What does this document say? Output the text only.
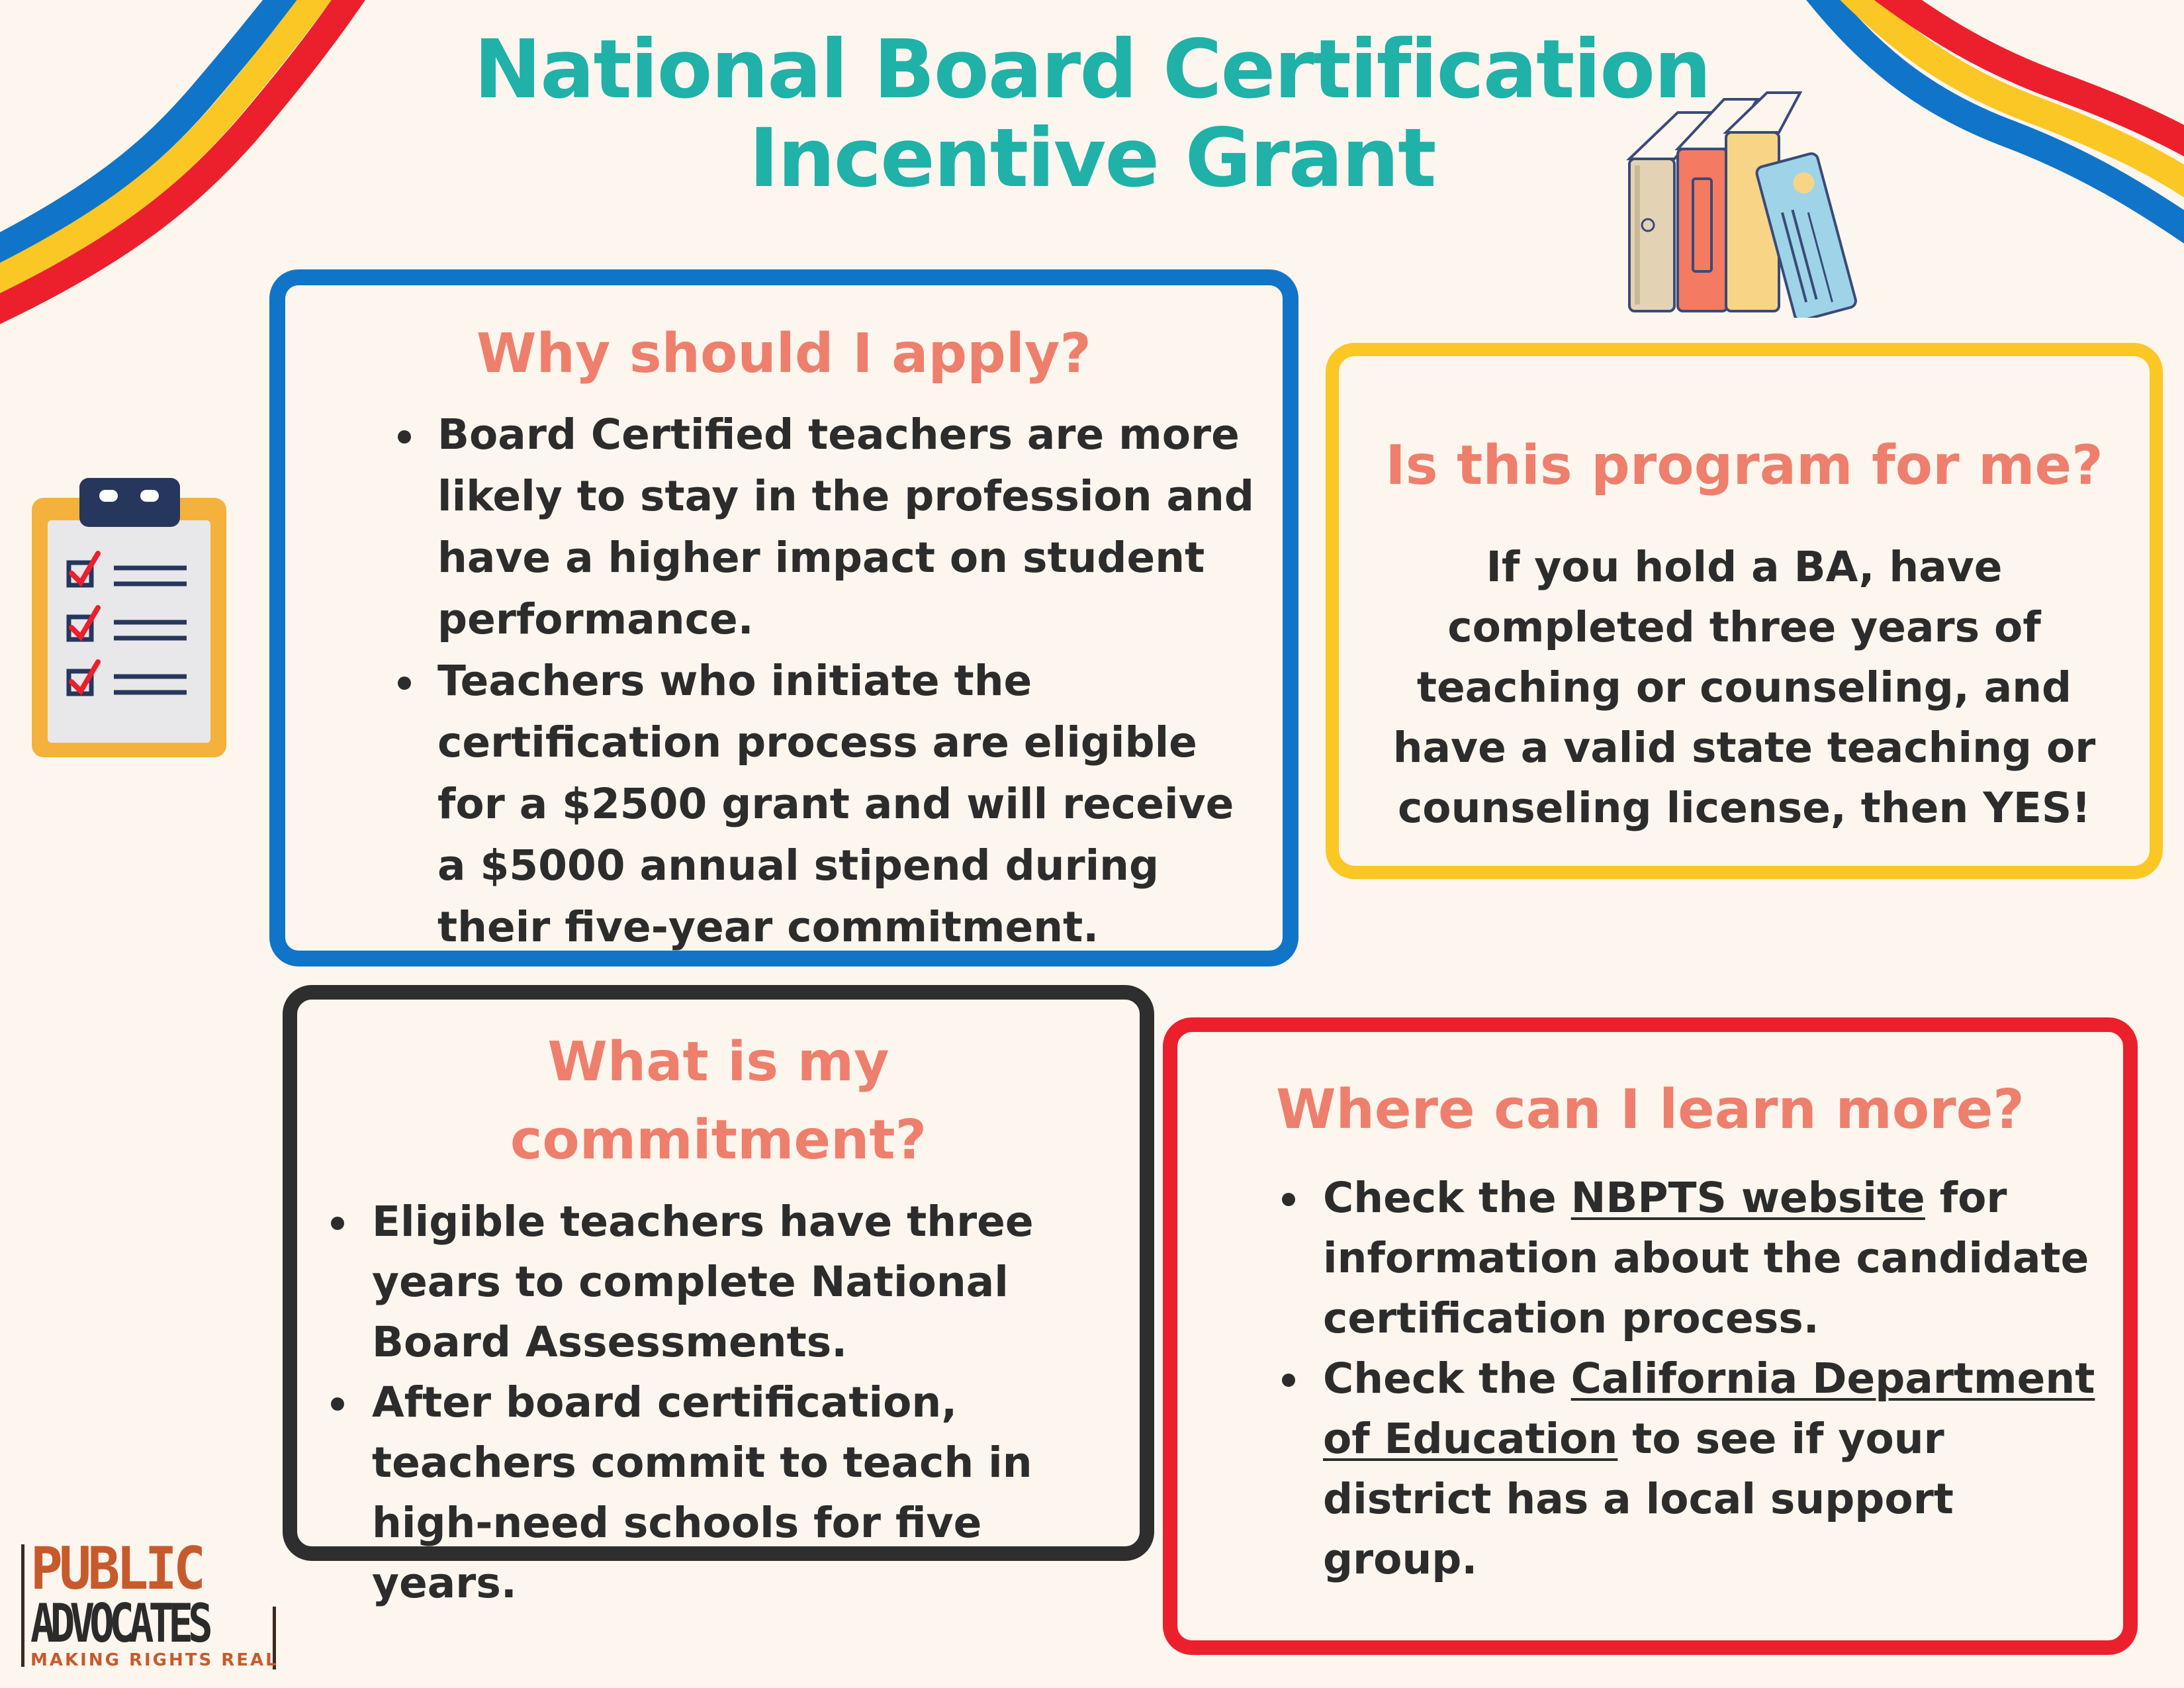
National Board Certification
Incentive Grant
Why should I apply?
Board Certified teachers are more likely to stay in the profession and have a higher impact on student performance.
Teachers who initiate the certification process are eligible for a $2500 grant and will receive a $5000 annual stipend during their five-year commitment.
Is this program for me?

If you hold a BA, have completed three years of teaching or counseling, and have a valid state teaching or counseling license, then YES!

What is my
commitment?
Eligible teachers have three years to complete National Board Assessments.
After board certification, teachers commit to teach in high-need schools for five years.
Where can I learn more?
Check the NBPTS website for information about the candidate certification process.
Check the California Department of Education to see if your district has a local support group.
PUBLIC
ADVOCATES
MAKING RIGHTS REAL
